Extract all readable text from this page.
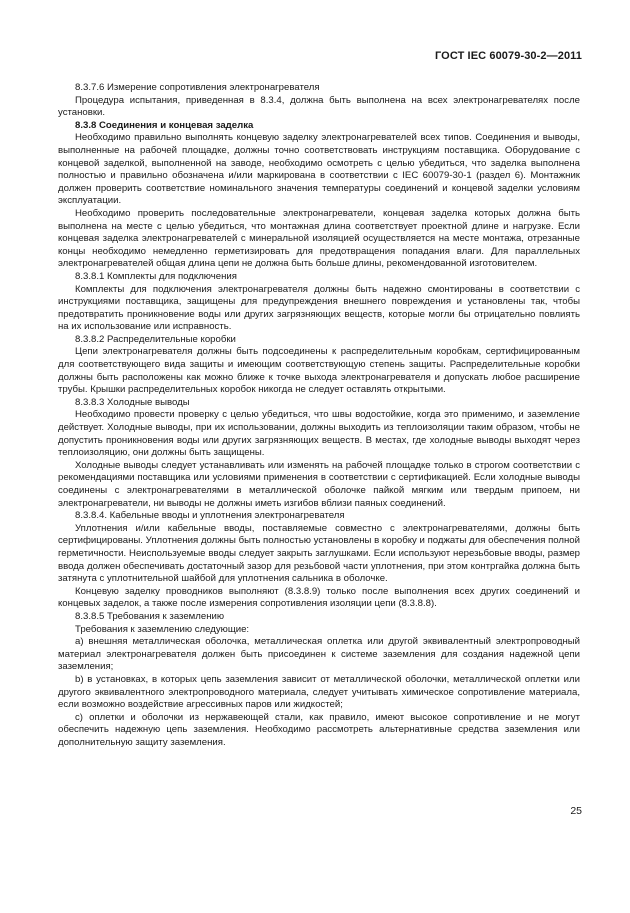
ГОСТ IEC 60079-30-2—2011

8.3.7.6 Измерение сопротивления электронагревателя

Процедура испытания, приведенная в 8.3.4, должна быть выполнена на всех электронагревателях после установки.

8.3.8 Соединения и концевая заделка

Необходимо правильно выполнять концевую заделку электронагревателей всех типов. Соединения и выводы, выполненные на рабочей площадке, должны точно соответствовать инструкциям поставщика. Оборудование с концевой заделкой, выполненной на заводе, необходимо осмотреть с целью убедиться, что заделка выполнена полностью и правильно обозначена и/или маркирована в соответствии с IEC 60079-30-1 (раздел 6). Монтажник должен проверить соответствие номинального значения температуры соединений и концевой заделки условиям эксплуатации.

Необходимо проверить последовательные электронагреватели, концевая заделка которых должна быть выполнена на месте с целью убедиться, что монтажная длина соответствует проектной длине и нагрузке. Если концевая заделка электронагревателей с минеральной изоляцией осуществляется на месте монтажа, отрезанные концы необходимо немедленно герметизировать для предотвращения попадания влаги. Для параллельных электронагревателей общая длина цепи не должна быть больше длины, рекомендованной изготовителем.

8.3.8.1 Комплекты для подключения

Комплекты для подключения электронагревателя должны быть надежно смонтированы в соответствии с инструкциями поставщика, защищены для предупреждения внешнего повреждения и установлены так, чтобы предотвратить проникновение воды или других загрязняющих веществ, которые могли бы отрицательно повлиять на их использование или исправность.

8.3.8.2 Распределительные коробки

Цепи электронагревателя должны быть подсоединены к распределительным коробкам, сертифицированным для соответствующего вида защиты и имеющим соответствующую степень защиты. Распределительные коробки должны быть расположены как можно ближе к точке выхода электронагревателя и допускать любое расширение трубы. Крышки распределительных коробок никогда не следует оставлять открытыми.

8.3.8.3 Холодные выводы

Необходимо провести проверку с целью убедиться, что швы водостойкие, когда это применимо, и заземление действует. Холодные выводы, при их использовании, должны выходить из теплоизоляции таким образом, чтобы не допустить проникновения воды или других загрязняющих веществ. В местах, где холодные выводы выходят через теплоизоляцию, они должны быть защищены.

Холодные выводы следует устанавливать или изменять на рабочей площадке только в строгом соответствии с рекомендациями поставщика или условиями применения в соответствии с сертификацией. Если холодные выводы соединены с электронагревателями в металлической оболочке пайкой мягким или твердым припоем, ни электронагреватели, ни выводы не должны иметь изгибов вблизи паяных соединений.

8.3.8.4. Кабельные вводы и уплотнения электронагревателя

Уплотнения и/или кабельные вводы, поставляемые совместно с электронагревателями, должны быть сертифицированы. Уплотнения должны быть полностью установлены в коробку и поджаты для обеспечения полной герметичности. Неиспользуемые вводы следует закрыть заглушками. Если используют нерезьбовые вводы, размер ввода должен обеспечивать достаточный зазор для резьбовой части уплотнения, при этом контргайка должна быть затянута с уплотнительной шайбой для уплотнения сальника в оболочке.

Концевую заделку проводников выполняют (8.3.8.9) только после выполнения всех других соединений и концевых заделок, а также после измерения сопротивления изоляции цепи (8.3.8.8).

8.3.8.5 Требования к заземлению

Требования к заземлению следующие:

а) внешняя металлическая оболочка, металлическая оплетка или другой эквивалентный электропроводный материал электронагревателя должен быть присоединен к системе заземления для создания надежной цепи заземления;

b) в установках, в которых цепь заземления зависит от металлической оболочки, металлической оплетки или другого эквивалентного электропроводного материала, следует учитывать химическое сопротивление материала, если возможно воздействие агрессивных паров или жидкостей;

с) оплетки и оболочки из нержавеющей стали, как правило, имеют высокое сопротивление и не могут обеспечить надежную цепь заземления. Необходимо рассмотреть альтернативные средства заземления или дополнительную защиту заземления.

25
